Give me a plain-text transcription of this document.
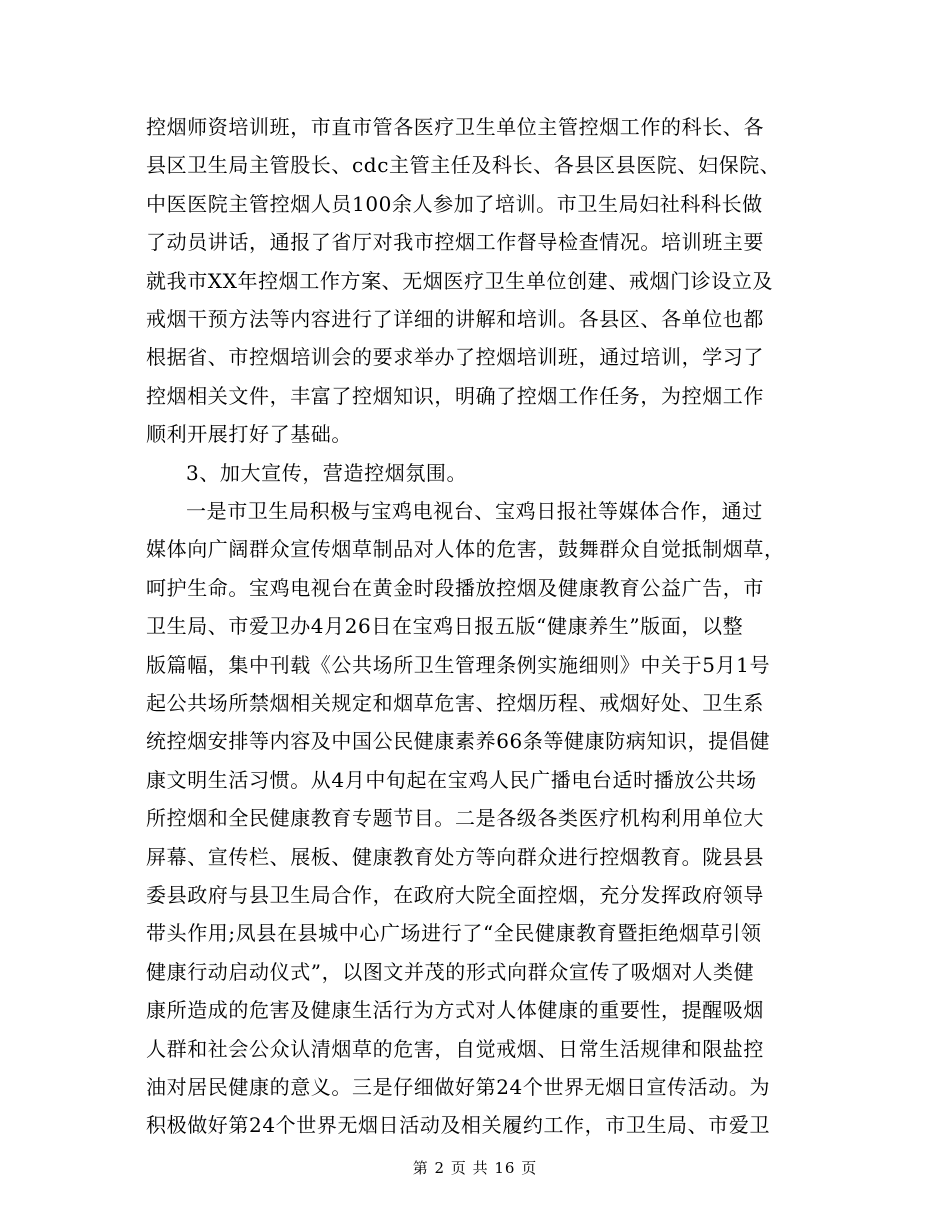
控烟师资培训班，市直市管各医疗卫生单位主管控烟工作的科长、各
县区卫生局主管股长、cdc主管主任及科长、各县区县医院、妇保院、
中医医院主管控烟人员100余人参加了培训。市卫生局妇社科科长做
了动员讲话，通报了省厅对我市控烟工作督导检查情况。培训班主要
就我市XX年控烟工作方案、无烟医疗卫生单位创建、戒烟门诊设立及
戒烟干预方法等内容进行了详细的讲解和培训。各县区、各单位也都
根据省、市控烟培训会的要求举办了控烟培训班，通过培训，学习了
控烟相关文件，丰富了控烟知识，明确了控烟工作任务，为控烟工作
顺利开展打好了基础。
3、加大宣传，营造控烟氛围。
一是市卫生局积极与宝鸡电视台、宝鸡日报社等媒体合作，通过
媒体向广阔群众宣传烟草制品对人体的危害，鼓舞群众自觉抵制烟草，
呵护生命。宝鸡电视台在黄金时段播放控烟及健康教育公益广告，市
卫生局、市爱卫办4月26日在宝鸡日报五版“健康养生”版面，以整
版篇幅，集中刊载《公共场所卫生管理条例实施细则》中关于5月1号
起公共场所禁烟相关规定和烟草危害、控烟历程、戒烟好处、卫生系
统控烟安排等内容及中国公民健康素养66条等健康防病知识，提倡健
康文明生活习惯。从4月中旬起在宝鸡人民广播电台适时播放公共场
所控烟和全民健康教育专题节目。二是各级各类医疗机构利用单位大
屏幕、宣传栏、展板、健康教育处方等向群众进行控烟教育。陇县县
委县政府与县卫生局合作，在政府大院全面控烟，充分发挥政府领导
带头作用;凤县在县城中心广场进行了“全民健康教育暨拒绝烟草引领
健康行动启动仪式”，以图文并茂的形式向群众宣传了吸烟对人类健
康所造成的危害及健康生活行为方式对人体健康的重要性，提醒吸烟
人群和社会公众认清烟草的危害，自觉戒烟、日常生活规律和限盐控
油对居民健康的意义。三是仔细做好第24个世界无烟日宣传活动。为
第 2 页 共 16 页
积极做好第24个世界无烟日活动及相关履约工作，市卫生局、市爱卫
